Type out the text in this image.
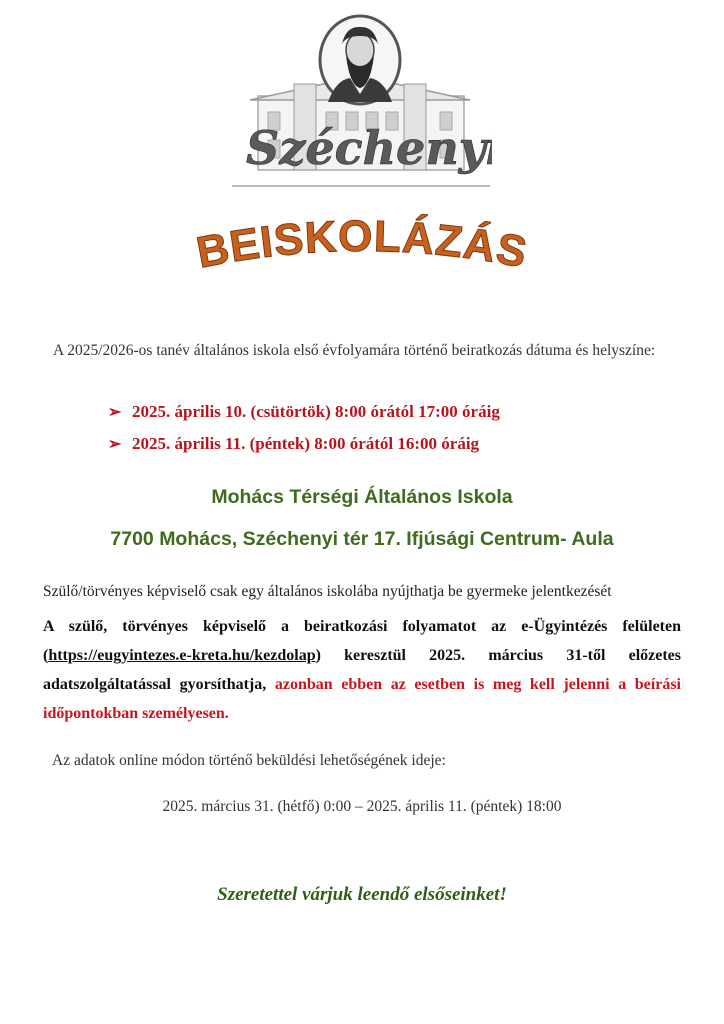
Széchenyi
BEISKOLÁZÁS
A 2025/2026-os tanév általános iskola első évfolyamára történő beiratkozás dátuma és helyszíne:
➢ 2025. április 10. (csütörtök) 8:00 órától 17:00 óráig
➢ 2025. április 11. (péntek) 8:00 órától 16:00 óráig
Mohács Térségi Általános Iskola
7700 Mohács, Széchenyi tér 17. Ifjúsági Centrum- Aula
Szülő/törvényes képviselő csak egy általános iskolába nyújthatja be gyermeke jelentkezését
A szülő, törvényes képviselő a beiratkozási folyamatot az e-Ügyintézés felületen (https://eugyintezes.e-kreta.hu/kezdolap) keresztül 2025. március 31-től előzetes adatszolgáltatással gyorsíthatja, azonban ebben az esetben is meg kell jelenni a beírási időpontokban személyesen.
Az adatok online módon történő beküldési lehetőségének ideje:
2025. március 31. (hétfő) 0:00 – 2025. április 11. (péntek) 18:00
Szeretettel várjuk leendő elsőseinket!
